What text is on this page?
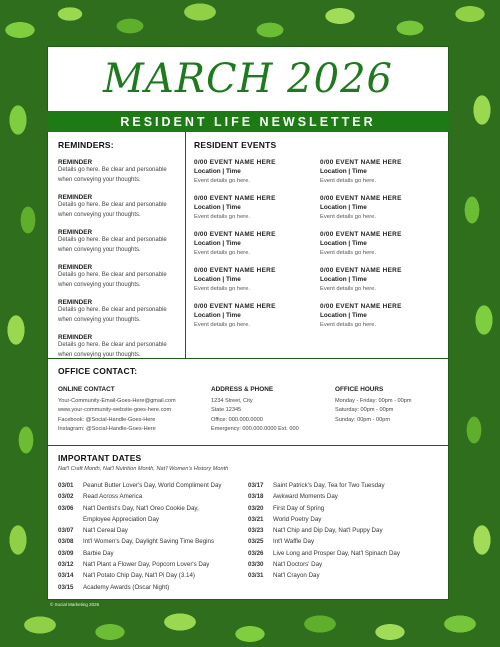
MARCH 2026
RESIDENT LIFE NEWSLETTER
REMINDERS:
REMINDER
Details go here. Be clear and personable when conveying your thoughts.
REMINDER
Details go here. Be clear and personable when conveying your thoughts.
REMINDER
Details go here. Be clear and personable when conveying your thoughts.
REMINDER
Details go here. Be clear and personable when conveying your thoughts.
REMINDER
Details go here. Be clear and personable when conveying your thoughts.
REMINDER
Details go here. Be clear and personable when conveying your thoughts.
RESIDENT EVENTS
0/00 EVENT NAME HERE
Location | Time
Event details go here.
0/00 EVENT NAME HERE
Location | Time
Event details go here.
0/00 EVENT NAME HERE
Location | Time
Event details go here.
0/00 EVENT NAME HERE
Location | Time
Event details go here.
0/00 EVENT NAME HERE
Location | Time
Event details go here.
0/00 EVENT NAME HERE
Location | Time
Event details go here.
0/00 EVENT NAME HERE
Location | Time
Event details go here.
0/00 EVENT NAME HERE
Location | Time
Event details go here.
0/00 EVENT NAME HERE
Location | Time
Event details go here.
0/00 EVENT NAME HERE
Location | Time
Event details go here.
OFFICE CONTACT:
ONLINE CONTACT
Your-Community-Email-Goes-Here@gmail.com
www.your-community-website-goes-here.com
Facebook: @Social-Handle-Goes-Here
Instagram: @Social-Handle-Goes-Here
ADDRESS & PHONE
1234 Street, City
State 12345
Office: 000.000.0000
Emergency: 000.000.0000 Ext. 000
OFFICE HOURS
Monday - Friday: 00pm - 00pm
Saturday: 00pm - 00pm
Sunday: 00pm - 00pm
IMPORTANT DATES
Nat'l Craft Month, Nat'l Nutrition Month, Nat'l Women's History Month
03/01	Peanut Butter Lover's Day, World Compliment Day
03/02	Read Across America
03/06	Nat'l Dentist's Day, Nat'l Oreo Cookie Day,
Employee Appreciation Day
03/07	Nat'l Cereal Day
03/08	Int'l Women's Day, Daylight Saving Time Begins
03/09	Barbie Day
03/12	Nat'l Plant a Flower Day, Popcorn Lover's Day
03/14	Nat'l Potato Chip Day, Nat'l Pi Day (3.14)
03/15	Academy Awards (Oscar Night)
03/17	Saint Patrick's Day, Tea for Two Tuesday
03/18	Awkward Moments Day
03/20	First Day of Spring
03/21	World Poetry Day
03/23	Nat'l Chip and Dip Day, Nat'l Puppy Day
03/25	Int'l Waffle Day
03/26	Live Long and Prosper Day, Nat'l Spinach Day
03/30	Nat'l Doctors' Day
03/31	Nat'l Crayon Day
© Social Marketing 2026
